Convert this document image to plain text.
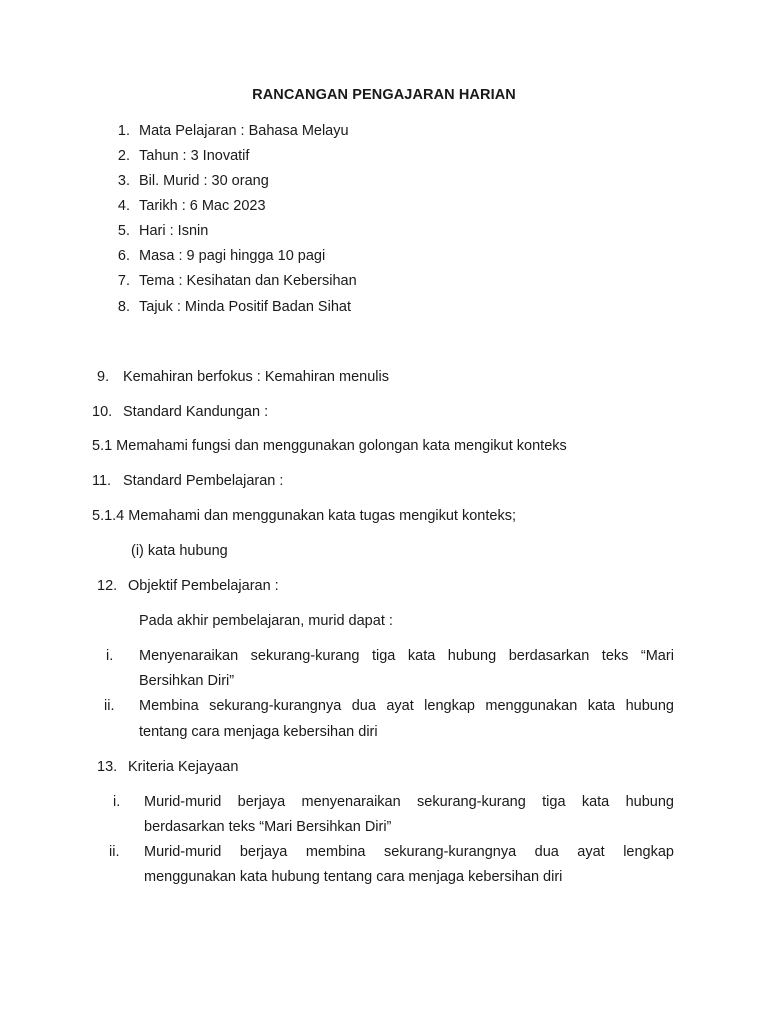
RANCANGAN PENGAJARAN HARIAN
1. Mata Pelajaran : Bahasa Melayu
2. Tahun : 3 Inovatif
3. Bil. Murid : 30 orang
4. Tarikh : 6 Mac 2023
5. Hari : Isnin
6. Masa : 9 pagi hingga 10 pagi
7. Tema : Kesihatan dan Kebersihan
8. Tajuk : Minda Positif Badan Sihat
9. Kemahiran berfokus : Kemahiran menulis
10. Standard Kandungan :
5.1 Memahami fungsi dan menggunakan golongan kata mengikut konteks
11. Standard Pembelajaran :
5.1.4 Memahami dan menggunakan kata tugas mengikut konteks;
(i) kata hubung
12. Objektif Pembelajaran :
Pada akhir pembelajaran, murid dapat :
i. Menyenaraikan sekurang-kurang tiga kata hubung berdasarkan teks “Mari
Bersihkan Diri”
ii. Membina sekurang-kurangnya dua ayat lengkap menggunakan kata hubung
tentang cara menjaga kebersihan diri
13. Kriteria Kejayaan
i. Murid-murid berjaya menyenaraikan sekurang-kurang tiga kata hubung
berdasarkan teks “Mari Bersihkan Diri”
ii. Murid-murid berjaya membina sekurang-kurangnya dua ayat lengkap
menggunakan kata hubung tentang cara menjaga kebersihan diri
